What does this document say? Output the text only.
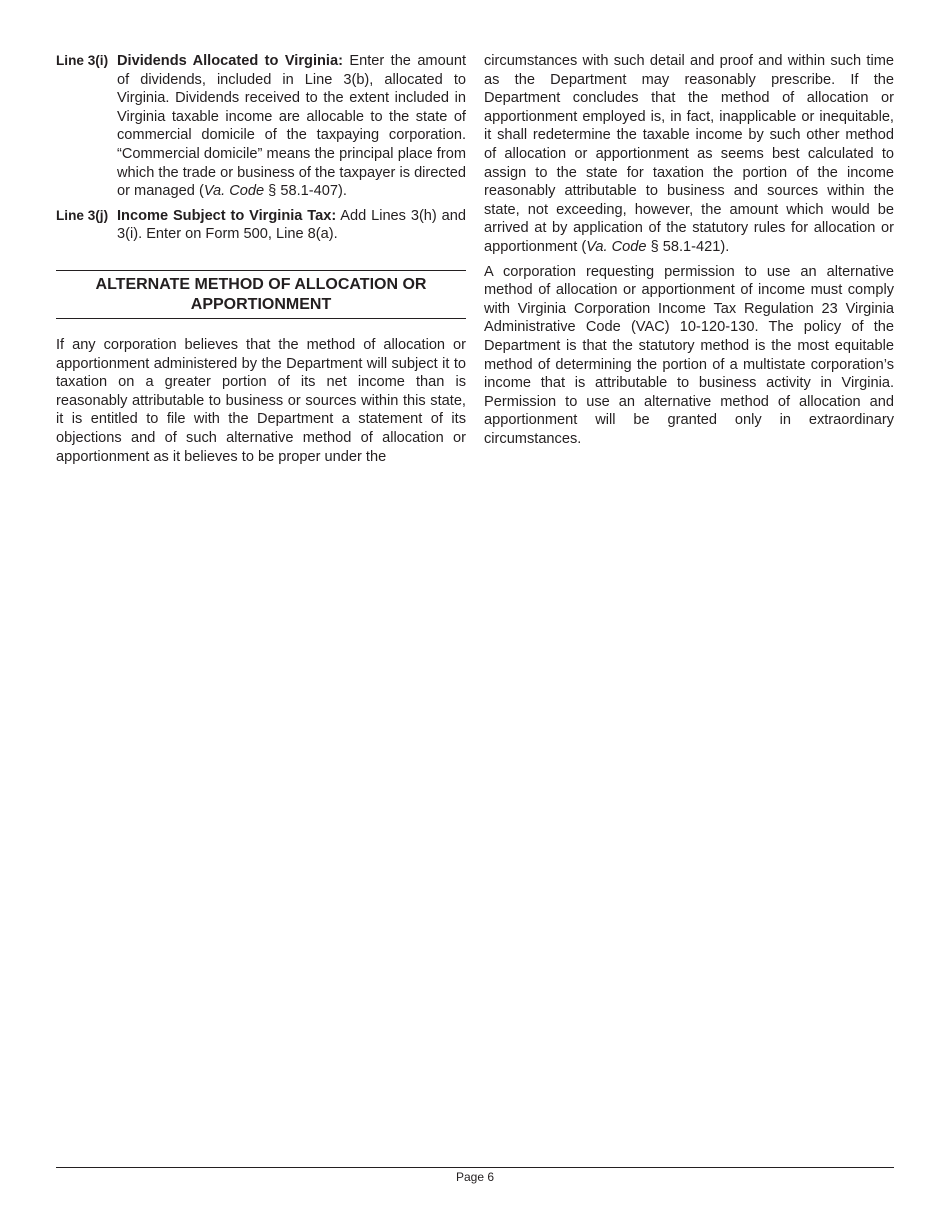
Line 3(i) Dividends Allocated to Virginia: Enter the amount of dividends, included in Line 3(b), allocated to Virginia. Dividends received to the extent included in Virginia taxable income are allocable to the state of commercial domicile of the taxpaying corporation. “Commercial domicile” means the principal place from which the trade or business of the taxpayer is directed or managed (Va. Code § 58.1-407).
Line 3(j) Income Subject to Virginia Tax: Add Lines 3(h) and 3(i). Enter on Form 500, Line 8(a).
ALTERNATE METHOD OF ALLOCATION OR APPORTIONMENT

If any corporation believes that the method of allocation or apportionment administered by the Department will subject it to taxation on a greater portion of its net income than is reasonably attributable to business or sources within this state, it is entitled to file with the Department a statement of its objections and of such alternative method of allocation or apportionment as it believes to be proper under the

circumstances with such detail and proof and within such time as the Department may reasonably prescribe. If the Department concludes that the method of allocation or apportionment employed is, in fact, inapplicable or inequitable, it shall redetermine the taxable income by such other method of allocation or apportionment as seems best calculated to assign to the state for taxation the portion of the income reasonably attributable to business and sources within the state, not exceeding, however, the amount which would be arrived at by application of the statutory rules for allocation or apportionment (Va. Code § 58.1-421).

A corporation requesting permission to use an alternative method of allocation or apportionment of income must comply with Virginia Corporation Income Tax Regulation 23 Virginia Administrative Code (VAC) 10-120-130. The policy of the Department is that the statutory method is the most equitable method of determining the portion of a multistate corporation’s income that is attributable to business activity in Virginia. Permission to use an alternative method of allocation and apportionment will be granted only in extraordinary circumstances.

Page 6
